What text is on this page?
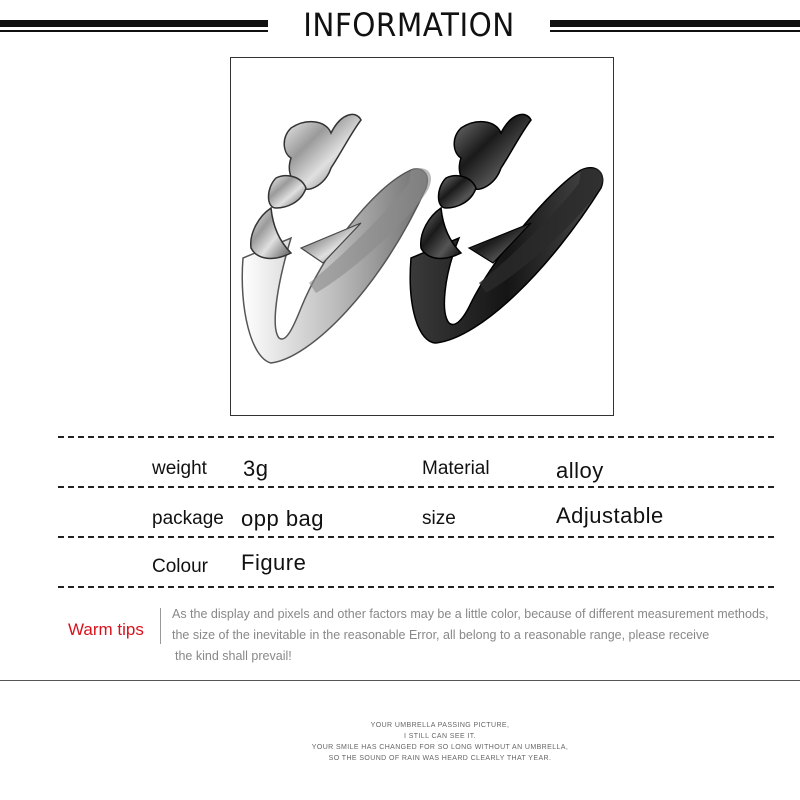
INFORMATION
weight 3g	Material	alloy
package opp bag	size	Adjustable
Colour Figure
Warm tips
As the display and pixels and other factors may be a little color, because of different measurement methods,
the size of the inevitable in the reasonable Error, all belong to a reasonable range, please receive
the kind shall prevail!
YOUR UMBRELLA PASSING PICTURE,
I STILL CAN SEE IT.
YOUR SMILE HAS CHANGED FOR SO LONG WITHOUT AN UMBRELLA,
SO THE SOUND OF RAIN WAS HEARD CLEARLY THAT YEAR.
